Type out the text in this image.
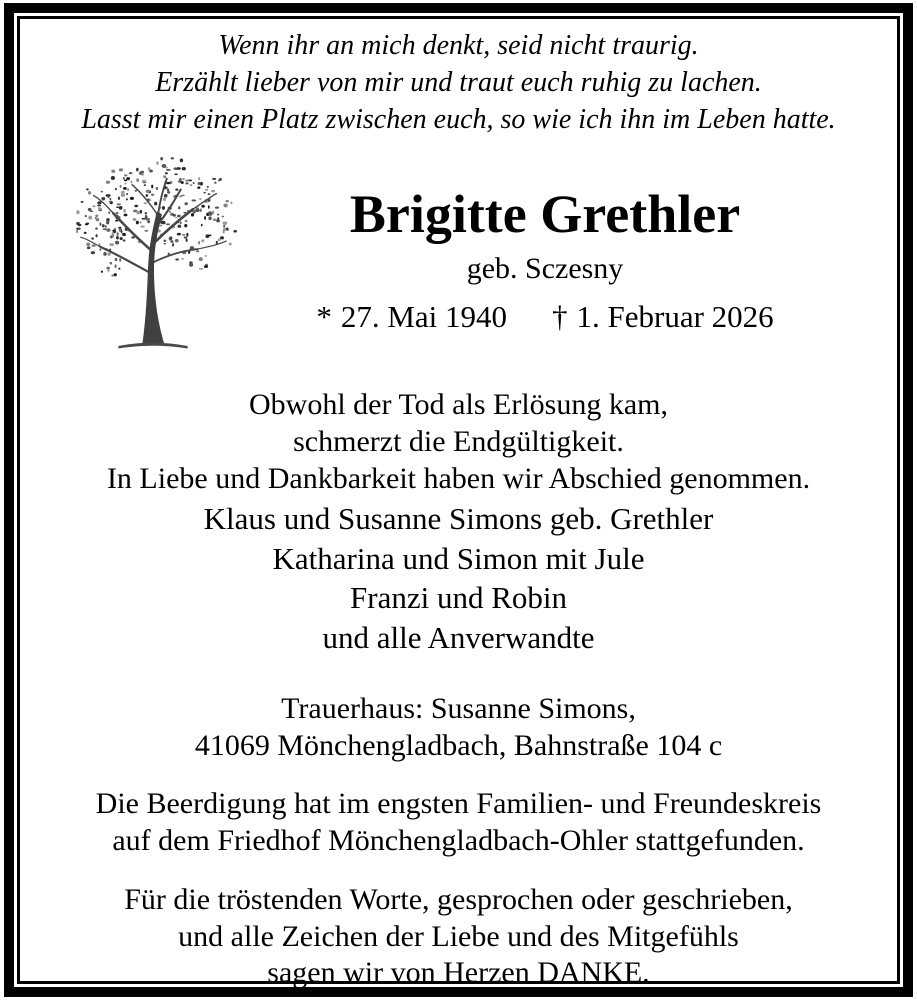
Wenn ihr an mich denkt, seid nicht traurig.
Erzählt lieber von mir und traut euch ruhig zu lachen.
Lasst mir einen Platz zwischen euch, so wie ich ihn im Leben hatte.
Brigitte Grethler
geb. Sczesny
* 27. Mai 1940 † 1. Februar 2026
Obwohl der Tod als Erlösung kam,
schmerzt die Endgültigkeit.
In Liebe und Dankbarkeit haben wir Abschied genommen.
Klaus und Susanne Simons geb. Grethler
Katharina und Simon mit Jule
Franzi und Robin
und alle Anverwandte
Trauerhaus: Susanne Simons,
41069 Mönchengladbach, Bahnstraße 104 c
Die Beerdigung hat im engsten Familien- und Freundeskreis
auf dem Friedhof Mönchengladbach-Ohler stattgefunden.
Für die tröstenden Worte, gesprochen oder geschrieben,
und alle Zeichen der Liebe und des Mitgefühls
sagen wir von Herzen DANKE.
